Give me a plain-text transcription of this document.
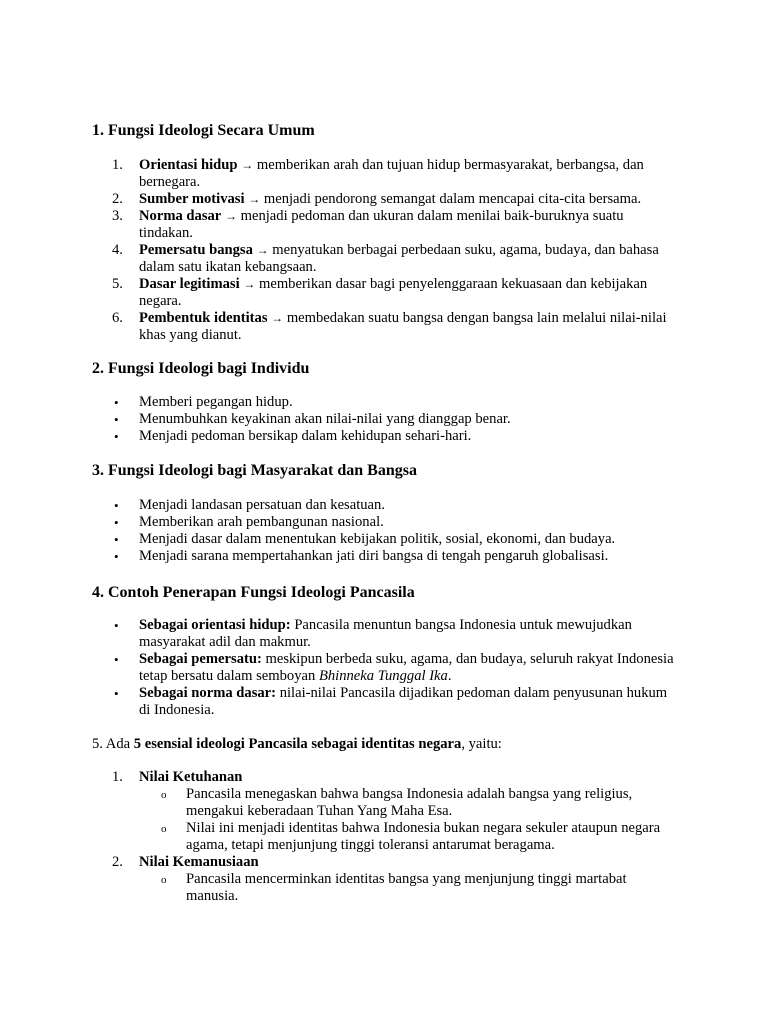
1. Fungsi Ideologi Secara Umum
1.	Orientasi hidup → memberikan arah dan tujuan hidup bermasyarakat, berbangsa, dan bernegara.
2.	Sumber motivasi → menjadi pendorong semangat dalam mencapai cita-cita bersama.
3.	Norma dasar → menjadi pedoman dan ukuran dalam menilai baik-buruknya suatu tindakan.
4.	Pemersatu bangsa → menyatukan berbagai perbedaan suku, agama, budaya, dan bahasa dalam satu ikatan kebangsaan.
5.	Dasar legitimasi → memberikan dasar bagi penyelenggaraan kekuasaan dan kebijakan negara.
6.	Pembentuk identitas → membedakan suatu bangsa dengan bangsa lain melalui nilai-nilai khas yang dianut.
2. Fungsi Ideologi bagi Individu
• Memberi pegangan hidup.
• Menumbuhkan keyakinan akan nilai-nilai yang dianggap benar.
• Menjadi pedoman bersikap dalam kehidupan sehari-hari.
3. Fungsi Ideologi bagi Masyarakat dan Bangsa
• Menjadi landasan persatuan dan kesatuan.
• Memberikan arah pembangunan nasional.
• Menjadi dasar dalam menentukan kebijakan politik, sosial, ekonomi, dan budaya.
• Menjadi sarana mempertahankan jati diri bangsa di tengah pengaruh globalisasi.
4. Contoh Penerapan Fungsi Ideologi Pancasila
• Sebagai orientasi hidup: Pancasila menuntun bangsa Indonesia untuk mewujudkan masyarakat adil dan makmur.
• Sebagai pemersatu: meskipun berbeda suku, agama, dan budaya, seluruh rakyat Indonesia tetap bersatu dalam semboyan Bhinneka Tunggal Ika.
• Sebagai norma dasar: nilai-nilai Pancasila dijadikan pedoman dalam penyusunan hukum di Indonesia.

5. Ada 5 esensial ideologi Pancasila sebagai identitas negara, yaitu:

1.	Nilai Ketuhanan
o Pancasila menegaskan bahwa bangsa Indonesia adalah bangsa yang religius, mengakui keberadaan Tuhan Yang Maha Esa.
o Nilai ini menjadi identitas bahwa Indonesia bukan negara sekuler ataupun negara agama, tetapi menjunjung tinggi toleransi antarumat beragama.
2.	Nilai Kemanusiaan
o Pancasila mencerminkan identitas bangsa yang menjunjung tinggi martabat manusia.
